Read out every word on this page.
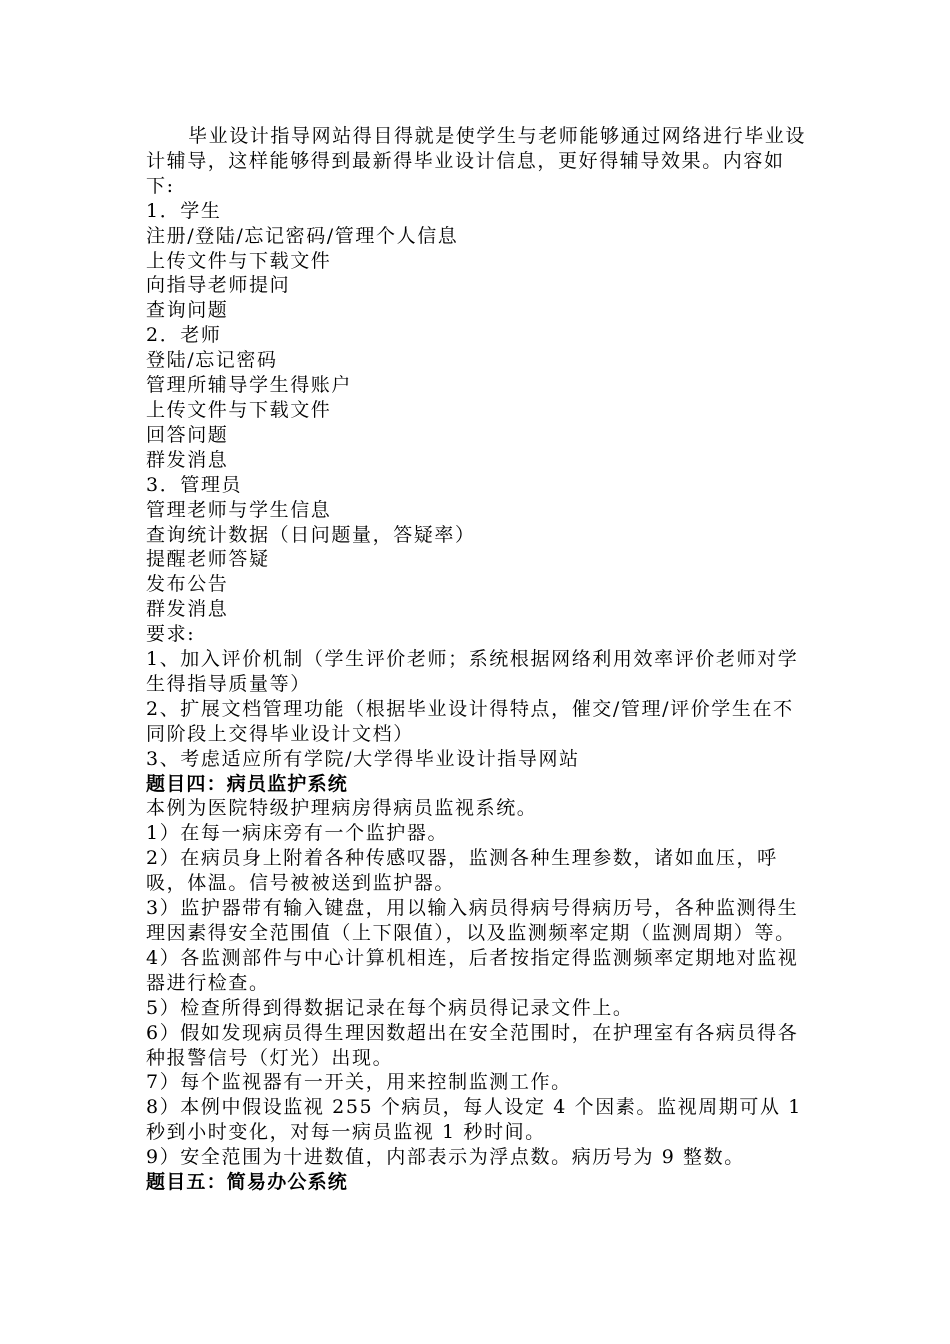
毕业设计指导网站得目得就是使学生与老师能够通过网络进行毕业设计辅导，这样能够得到最新得毕业设计信息，更好得辅导效果。内容如下:

1．学生

注册/登陆/忘记密码/管理个人信息

上传文件与下载文件

向指导老师提问

查询问题

2．老师

登陆/忘记密码

管理所辅导学生得账户

上传文件与下载文件

回答问题

群发消息

3．管理员

管理老师与学生信息

查询统计数据（日问题量，答疑率）

提醒老师答疑

发布公告

群发消息

要求:

1、加入评价机制（学生评价老师；系统根据网络利用效率评价老师对学生得指导质量等）

2、扩展文档管理功能（根据毕业设计得特点，催交/管理/评价学生在不同阶段上交得毕业设计文档）

3、考虑适应所有学院/大学得毕业设计指导网站

题目四：病员监护系统

本例为医院特级护理病房得病员监视系统。

1）在每一病床旁有一个监护器。

2）在病员身上附着各种传感叹器，监测各种生理参数，诸如血压，呼吸，体温。信号被被送到监护器。

3）监护器带有输入键盘，用以输入病员得病号得病历号，各种监测得生理因素得安全范围值（上下限值），以及监测频率定期（监测周期）等。

4）各监测部件与中心计算机相连，后者按指定得监测频率定期地对监视器进行检查。

5）检查所得到得数据记录在每个病员得记录文件上。

6）假如发现病员得生理因数超出在安全范围时，在护理室有各病员得各种报警信号（灯光）出现。

7）每个监视器有一开关，用来控制监测工作。

8）本例中假设监视 255 个病员，每人设定 4 个因素。监视周期可从 1 秒到小时变化，对每一病员监视 1 秒时间。

9）安全范围为十进数值，内部表示为浮点数。病历号为 9 整数。

题目五：简易办公系统
